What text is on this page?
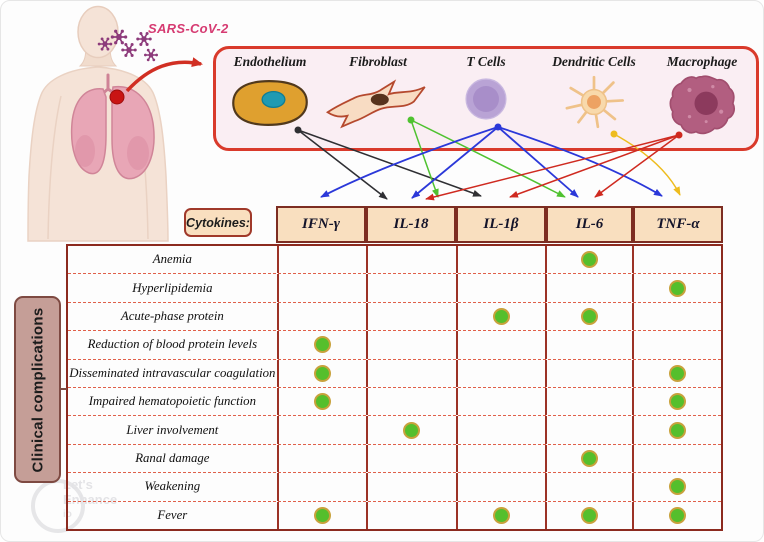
SARS-CoV-2
Endothelium	Fibroblast	T Cells	Dendritic Cells Macrophage
Cytokines:	IFN-γ	IL-18	IL-1β	IL-6	TNF-α
Let's
Enhance
io
Anemia
Hyperlipidemia
Acute-phase protein
Reduction of blood protein levels
Disseminated intravascular coagulation
Impaired hematopoietic function
Liver involvement
Ranal damage
Weakening
Fever
Clinical complications
